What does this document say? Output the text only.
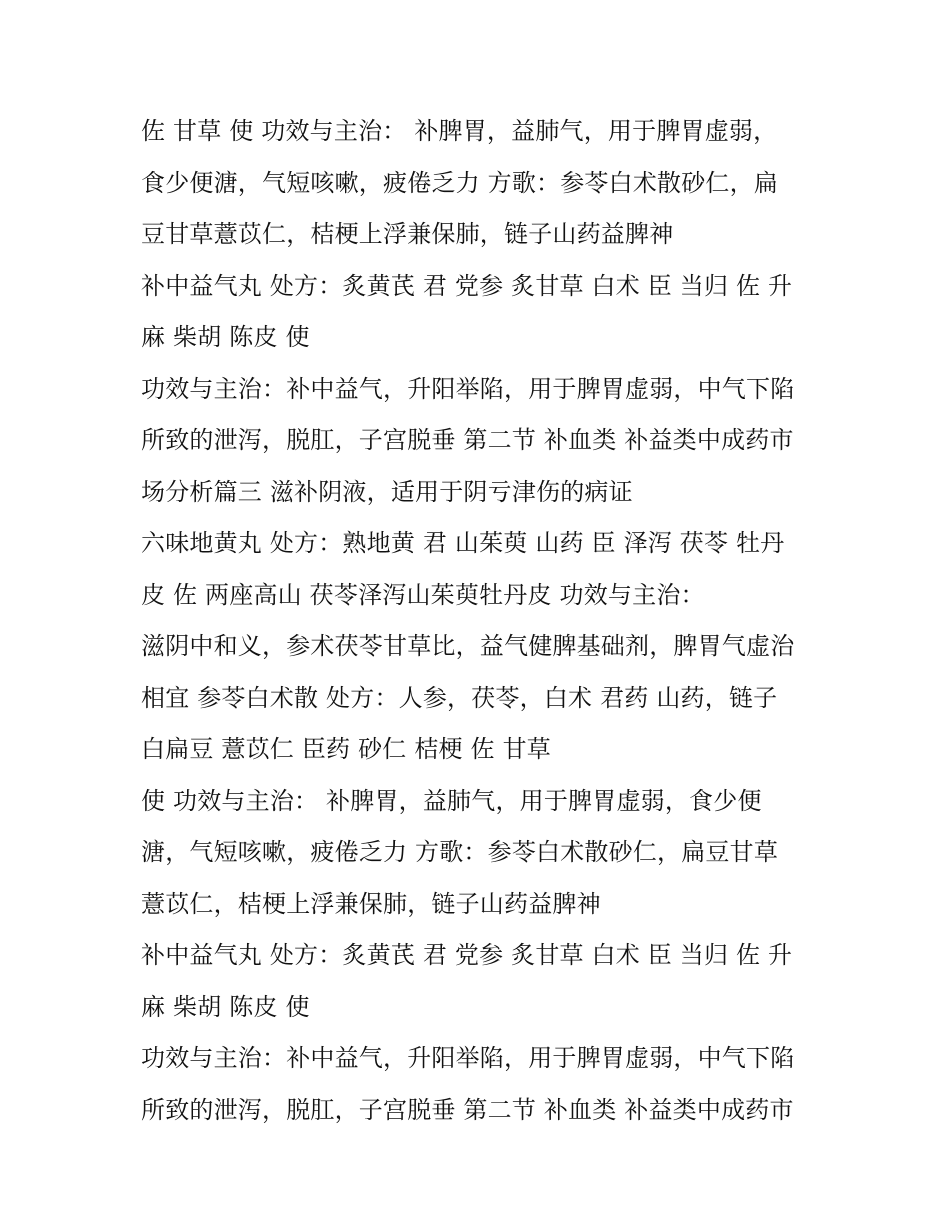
佐 甘草 使 功效与主治： 补脾胃，益肺气，用于脾胃虚弱，
食少便溏，气短咳嗽，疲倦乏力 方歌：参苓白术散砂仁，扁
豆甘草薏苡仁，桔梗上浮兼保肺，链子山药益脾神
补中益气丸 处方：炙黄芪 君 党参 炙甘草 白术 臣 当归 佐 升
麻 柴胡 陈皮 使
功效与主治：补中益气，升阳举陷，用于脾胃虚弱，中气下陷
所致的泄泻，脱肛，子宫脱垂 第二节 补血类 补益类中成药市
场分析篇三 滋补阴液，适用于阴亏津伤的病证
六味地黄丸 处方：熟地黄 君 山茱萸 山药 臣 泽泻 茯苓 牡丹
皮 佐 两座高山 茯苓泽泻山茱萸牡丹皮 功效与主治：
滋阴中和义，参术茯苓甘草比，益气健脾基础剂，脾胃气虚治
相宜 参苓白术散 处方：人参，茯苓，白术 君药 山药，链子
白扁豆 薏苡仁 臣药 砂仁 桔梗 佐 甘草
使 功效与主治： 补脾胃，益肺气，用于脾胃虚弱，食少便
溏，气短咳嗽，疲倦乏力 方歌：参苓白术散砂仁，扁豆甘草
薏苡仁，桔梗上浮兼保肺，链子山药益脾神
补中益气丸 处方：炙黄芪 君 党参 炙甘草 白术 臣 当归 佐 升
麻 柴胡 陈皮 使
功效与主治：补中益气，升阳举陷，用于脾胃虚弱，中气下陷
所致的泄泻，脱肛，子宫脱垂 第二节 补血类 补益类中成药市
